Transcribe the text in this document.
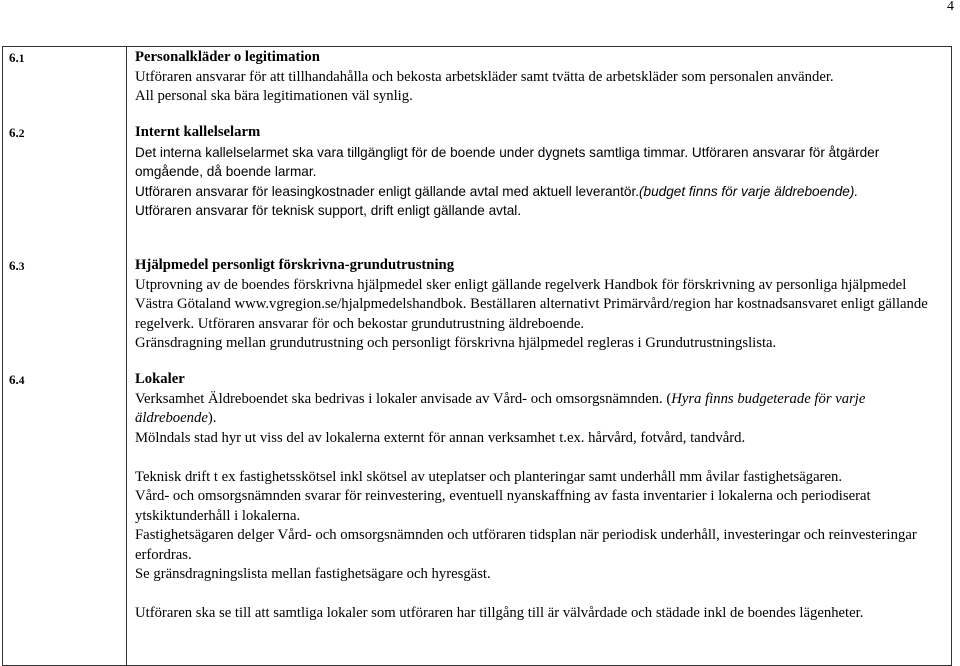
4
6.1	Personalkläder o legitimation

Utföraren ansvarar för att tillhandahålla och bekosta arbetskläder samt tvätta de arbetskläder som personalen använder.

All personal ska bära legitimationen väl synlig.

6.2	Internt kallelselarm

Det interna kallelselarmet ska vara tillgängligt för de boende under dygnets samtliga timmar. Utföraren ansvarar för åtgärder omgående, då boende larmar.

Utföraren ansvarar för leasingkostnader enligt gällande avtal med aktuell leverantör.(budget finns för varje äldreboende).

Utföraren ansvarar för teknisk support, drift enligt gällande avtal.

6.3	Hjälpmedel personligt förskrivna-grundutrustning

Utprovning av de boendes förskrivna hjälpmedel sker enligt gällande regelverk Handbok för förskrivning av personliga hjälpmedel Västra Götaland www.vgregion.se/hjalpmedelshandbok. Beställaren alternativt Primärvård/region har kostnadsansvaret enligt gällande regelverk. Utföraren ansvarar för och bekostar grundutrustning äldreboende.

Gränsdragning mellan grundutrustning och personligt förskrivna hjälpmedel regleras i Grundutrustningslista.

6.4	Lokaler

Verksamhet Äldreboendet ska bedrivas i lokaler anvisade av Vård- och omsorgsnämnden. (Hyra finns budgeterade för varje äldreboende).

Mölndals stad hyr ut viss del av lokalerna externt för annan verksamhet t.ex. hårvård, fotvård, tandvård.

Teknisk drift t ex fastighetsskötsel inkl skötsel av uteplatser och planteringar samt underhåll mm åvilar fastighetsägaren.

Vård- och omsorgsnämnden svarar för reinvestering, eventuell nyanskaffning av fasta inventarier i lokalerna och periodiserat ytskiktunderhåll i lokalerna.

Fastighetsägaren delger Vård- och omsorgsnämnden och utföraren tidsplan när periodisk underhåll, investeringar och reinvesteringar erfordras.

Se gränsdragningslista mellan fastighetsägare och hyresgäst.

Utföraren ska se till att samtliga lokaler som utföraren har tillgång till är välvårdade och städade inkl de boendes lägenheter.
